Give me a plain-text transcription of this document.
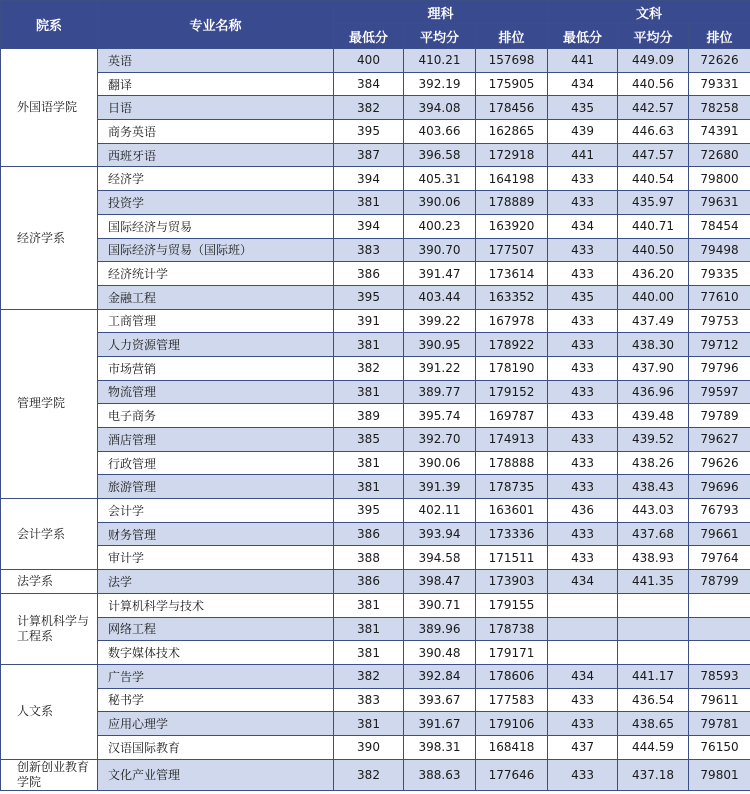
院系	专业名称	理科			文科		
		最低分	平均分	排位	最低分	平均分	排位
外国语学院	英语	400	410.21	157698	441	449.09	72626
	翻译	384	392.19	175905	434	440.56	79331
	日语	382	394.08	178456	435	442.57	78258
	商务英语	395	403.66	162865	439	446.63	74391
	西班牙语	387	396.58	172918	441	447.57	72680
经济学系	经济学	394	405.31	164198	433	440.54	79800
	投资学	381	390.06	178889	433	435.97	79631
	国际经济与贸易	394	400.23	163920	434	440.71	78454
	国际经济与贸易（国际班）	383	390.70	177507	433	440.50	79498
	经济统计学	386	391.47	173614	433	436.20	79335
	金融工程	395	403.44	163352	435	440.00	77610
管理学院	工商管理	391	399.22	167978	433	437.49	79753
	人力资源管理	381	390.95	178922	433	438.30	79712
	市场营销	382	391.22	178190	433	437.90	79796
	物流管理	381	389.77	179152	433	436.96	79597
	电子商务	389	395.74	169787	433	439.48	79789
	酒店管理	385	392.70	174913	433	439.52	79627
	行政管理	381	390.06	178888	433	438.26	79626
	旅游管理	381	391.39	178735	433	438.43	79696
会计学系	会计学	395	402.11	163601	436	443.03	76793
	财务管理	386	393.94	173336	433	437.68	79661
	审计学	388	394.58	171511	433	438.93	79764
法学系	法学	386	398.47	173903	434	441.35	78799
计算机科学与工程系	计算机科学与技术	381	390.71	179155			
	网络工程	381	389.96	178738			
	数字媒体技术	381	390.48	179171			
人文系	广告学	382	392.84	178606	434	441.17	78593
	秘书学	383	393.67	177583	433	436.54	79611
	应用心理学	381	391.67	179106	433	438.65	79781
	汉语国际教育	390	398.31	168418	437	444.59	76150
创新创业教育学院	文化产业管理	382	388.63	177646	433	437.18	79801
